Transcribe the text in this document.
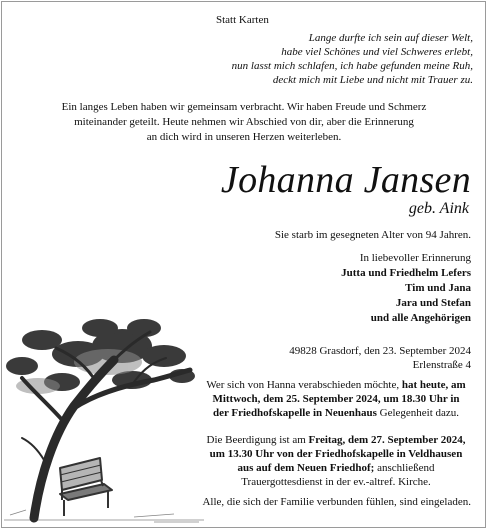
Statt Karten
Lange durfte ich sein auf dieser Welt,
habe viel Schönes und viel Schweres erlebt,
nun lasst mich schlafen, ich habe gefunden meine Ruh,
deckt mich mit Liebe und nicht mit Trauer zu.
Ein langes Leben haben wir gemeinsam verbracht. Wir haben Freude und Schmerz
miteinander geteilt. Heute nehmen wir Abschied von dir, aber die Erinnerung
an dich wird in unseren Herzen weiterleben.
Johanna Jansen
geb. Aink
Sie starb im gesegneten Alter von 94 Jahren.
In liebevoller Erinnerung
Jutta und Friedhelm Lefers
Tim und Jana
Jara und Stefan
und alle Angehörigen
49828 Grasdorf, den 23. September 2024
Erlenstraße 4
Wer sich von Hanna verabschieden möchte, hat heute, am
Mittwoch, dem 25. September 2024, um 18.30 Uhr in
der Friedhofskapelle in Neuenhaus Gelegenheit dazu.
Die Beerdigung ist am Freitag, dem 27. September 2024,
um 13.30 Uhr von der Friedhofskapelle in Veldhausen
aus auf dem Neuen Friedhof; anschließend
Trauergottesdienst in der ev.-altref. Kirche.
Alle, die sich der Familie verbunden fühlen, sind eingeladen.
